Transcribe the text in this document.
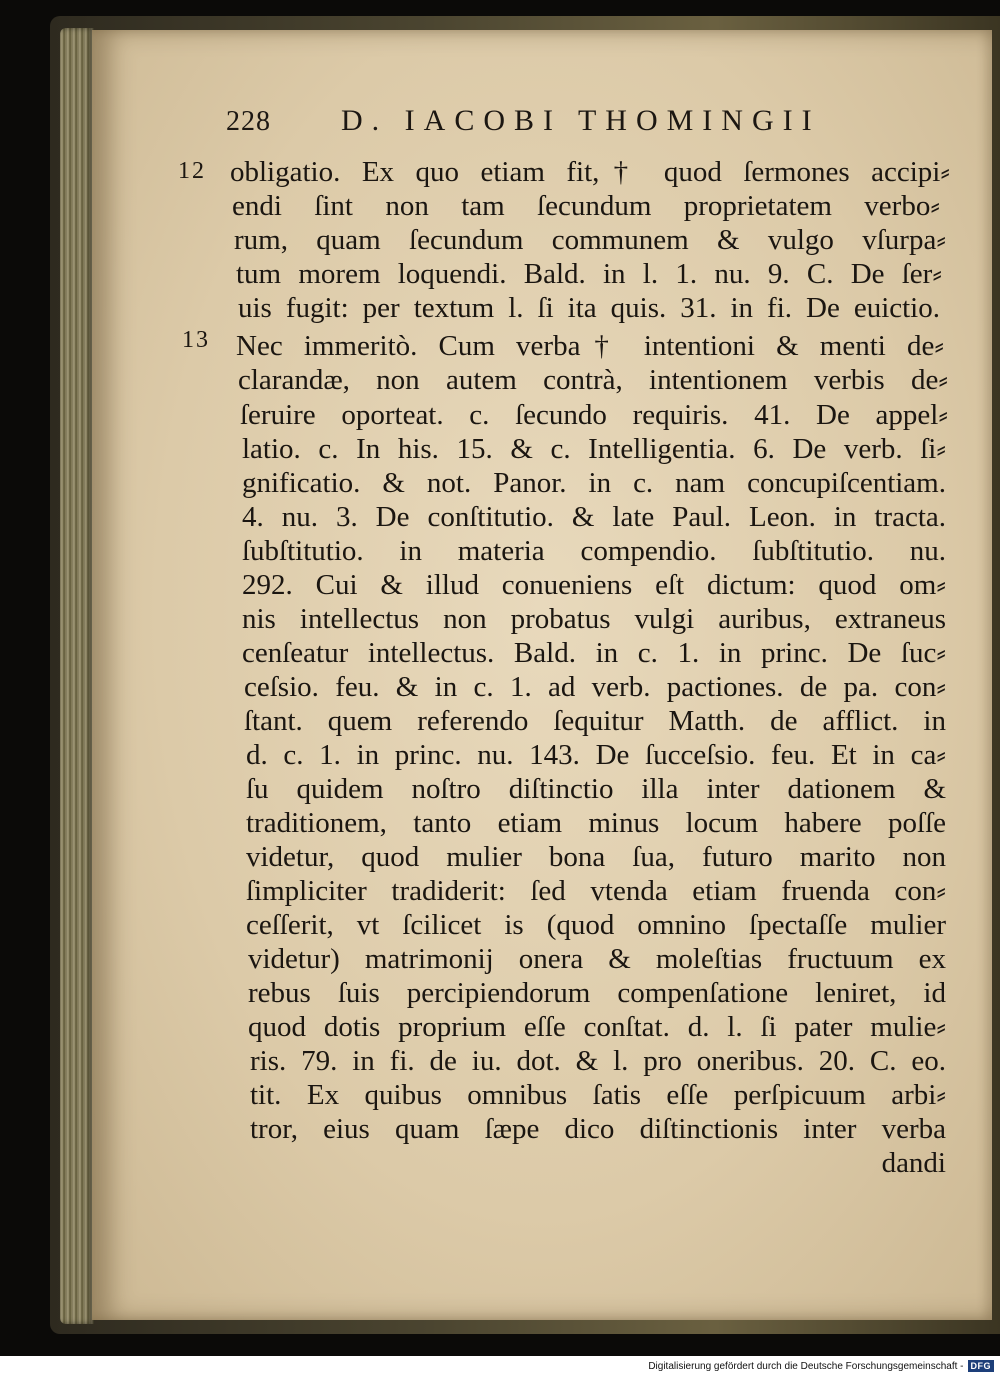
228 D. IACOBI THOMINGII
12
13
obligatio. Ex quo etiam fit,† quod ſermones accipi⸗
endi ſint non tam ſecundum proprietatem verbo⸗
rum, quam ſecundum communem & vulgo vſurpa⸗
tum morem loquendi. Bald. in l. 1. nu. 9. C. De ſer⸗
uis fugit: per textum l. ſi ita quis. 31. in fi. De euictio.
Nec immeritò. Cum verba† intentioni & menti de⸗
clarandæ, non autem contrà, intentionem verbis de⸗
ſeruire oporteat. c. ſecundo requiris. 41. De appel⸗
latio. c. In his. 15. & c. Intelligentia. 6. De verb. ſi⸗
gnificatio. & not. Panor. in c. nam concupiſcentiam.
4. nu. 3. De conſtitutio. & late Paul. Leon. in tracta.
ſubſtitutio. in materia compendio. ſubſtitutio. nu.
292. Cui & illud conueniens eſt dictum: quod om⸗
nis intellectus non probatus vulgi auribus, extraneus
cenſeatur intellectus. Bald. in c. 1. in princ. De ſuc⸗
ceſsio. feu. & in c. 1. ad verb. pactiones. de pa. con⸗
ſtant. quem referendo ſequitur Matth. de afflict. in
d. c. 1. in princ. nu. 143. De ſucceſsio. feu. Et in ca⸗
ſu quidem noſtro diſtinctio illa inter dationem &
traditionem, tanto etiam minus locum habere poſſe
videtur, quod mulier bona ſua, futuro marito non
ſimpliciter tradiderit: ſed vtenda etiam fruenda con⸗
ceſſerit, vt ſcilicet is (quod omnino ſpectaſſe mulier
videtur) matrimonij onera & moleſtias fructuum ex
rebus ſuis percipiendorum compenſatione leniret, id
quod dotis proprium eſſe conſtat. d. l. ſi pater mulie⸗
ris. 79. in fi. de iu. dot. & l. pro oneribus. 20. C. eo.
tit. Ex quibus omnibus ſatis eſſe perſpicuum arbi⸗
tror, eius quam ſæpe dico diſtinctionis inter verba
dandi
Digitalisierung gefördert durch die Deutsche Forschungsgemeinschaft - DFG
